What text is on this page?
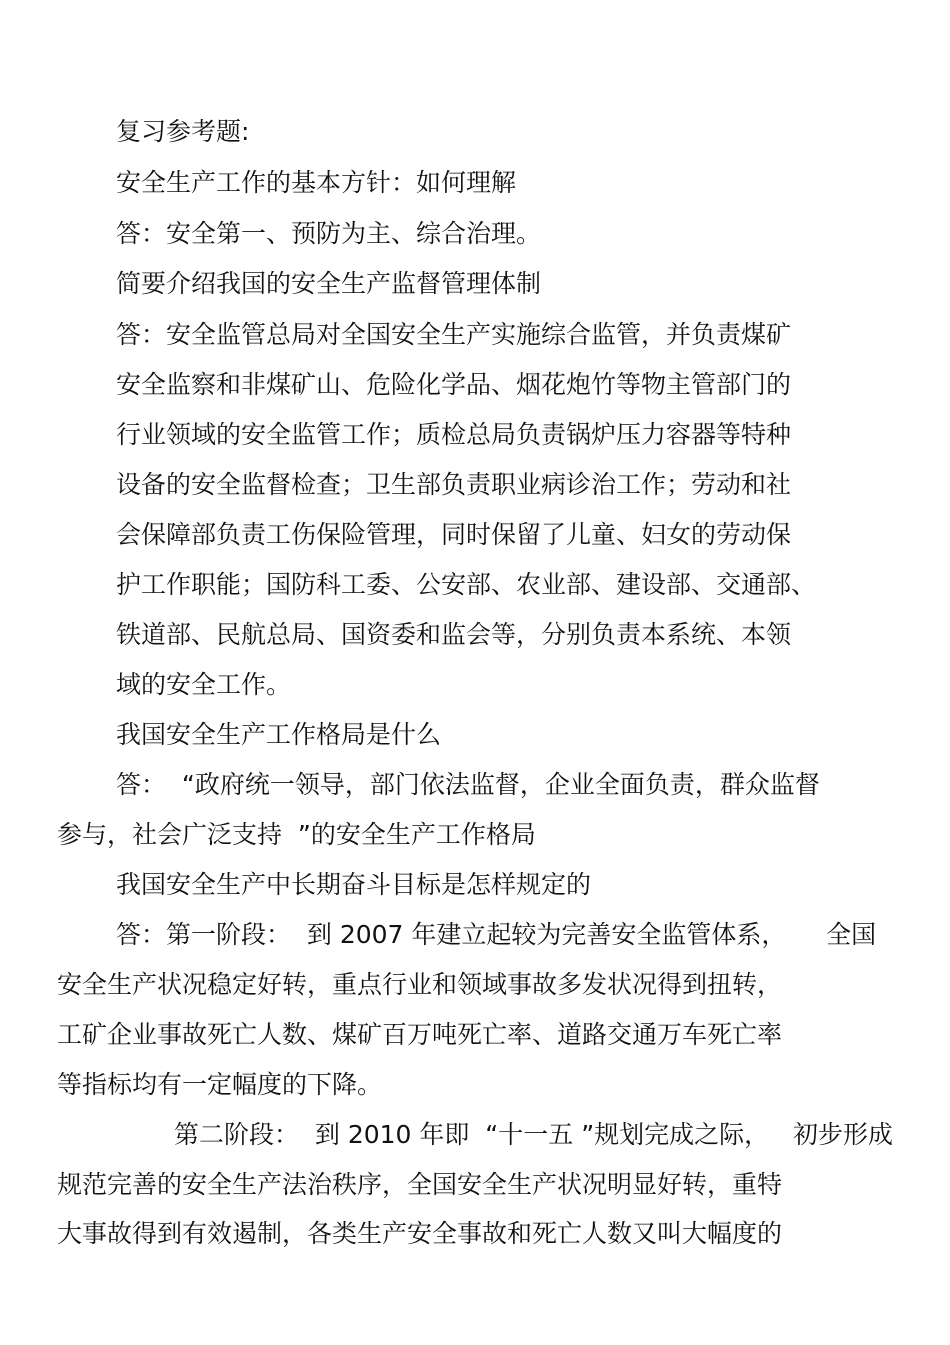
复习参考题:

安全生产工作的基本方针：如何理解

答：安全第一、预防为主、综合治理。

简要介绍我国的安全生产监督管理体制

答：安全监管总局对全国安全生产实施综合监管，并负责煤矿

安全监察和非煤矿山、危险化学品、烟花炮竹等物主管部门的

行业领域的安全监管工作；质检总局负责锅炉压力容器等特种

设备的安全监督检查；卫生部负责职业病诊治工作；劳动和社

会保障部负责工伤保险管理，同时保留了儿童、妇女的劳动保

护工作职能；国防科工委、公安部、农业部、建设部、交通部、

铁道部、民航总局、国资委和监会等，分别负责本系统、本领

域的安全工作。

我国安全生产工作格局是什么

答：  “政府统一领导，部门依法监督，企业全面负责，群众监督

参与，社会广泛支持  ”的安全生产工作格局

我国安全生产中长期奋斗目标是怎样规定的

答：第一阶段：  到 2007 年建立起较为完善安全监管体系，     全国

安全生产状况稳定好转，重点行业和领域事故多发状况得到扭转，

工矿企业事故死亡人数、煤矿百万吨死亡率、道路交通万车死亡率

等指标均有一定幅度的下降。

第二阶段：  到 2010 年即  “十一五 ”规划完成之际，   初步形成

规范完善的安全生产法治秩序，全国安全生产状况明显好转，重特

大事故得到有效遏制，各类生产安全事故和死亡人数又叫大幅度的
